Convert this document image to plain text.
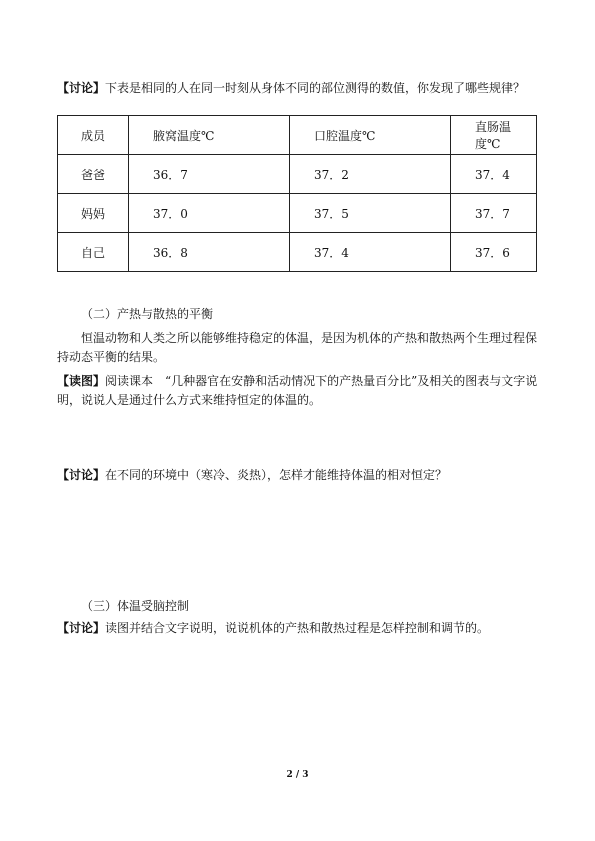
【讨论】下表是相同的人在同一时刻从身体不同的部位测得的数值，你发现了哪些规律？

成员	腋窝温度℃	口腔温度℃	直肠温度℃
爸爸	36．7	37．2	37．4
妈妈	37．0	37．5	37．7
自己	36．8	37．4	37．6

（二）产热与散热的平衡

恒温动物和人类之所以能够维持稳定的体温，是因为机体的产热和散热两个生理过程保持动态平衡的结果。

【读图】阅读课本　“几种器官在安静和活动情况下的产热量百分比”及相关的图表与文字说明，说说人是通过什么方式来维持恒定的体温的。

【讨论】在不同的环境中（寒冷、炎热），怎样才能维持体温的相对恒定？

（三）体温受脑控制

【讨论】读图并结合文字说明，说说机体的产热和散热过程是怎样控制和调节的。

2 / 3
